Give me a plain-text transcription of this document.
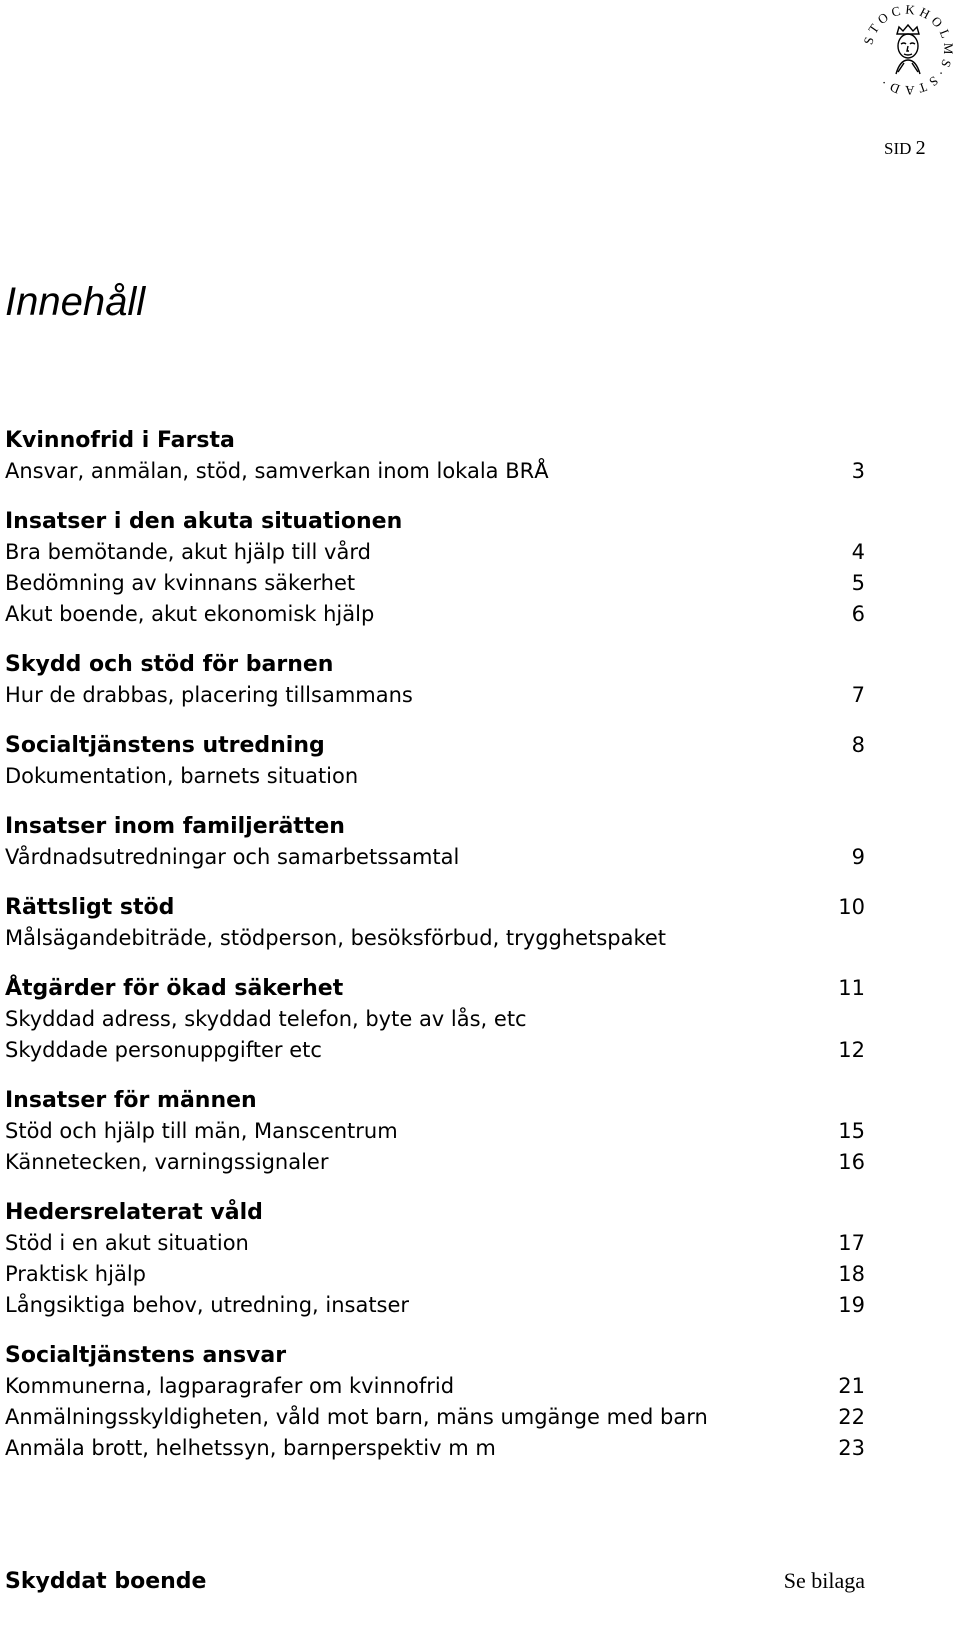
STOCKHOLMS·STAD·
SID 2
Innehåll
Kvinnofrid i Farsta
Ansvar, anmälan, stöd, samverkan inom lokala BRÅ	3
Insatser i den akuta situationen
Bra bemötande, akut hjälp till vård	4
Bedömning av kvinnans säkerhet	5
Akut boende, akut ekonomisk hjälp	6
Skydd och stöd för barnen
Hur de drabbas, placering tillsammans	7
Socialtjänstens utredning	8
Dokumentation, barnets situation
Insatser inom familjerätten
Vårdnadsutredningar och samarbetssamtal	9
Rättsligt stöd	10
Målsägandebiträde, stödperson, besöksförbud, trygghetspaket
Åtgärder för ökad säkerhet	11
Skyddad adress, skyddad telefon, byte av lås, etc
Skyddade personuppgifter etc	12
Insatser för männen
Stöd och hjälp till män, Manscentrum	15
Kännetecken, varningssignaler	16
Hedersrelaterat våld
Stöd i en akut situation	17
Praktisk hjälp	18
Långsiktiga behov, utredning, insatser	19
Socialtjänstens ansvar
Kommunerna, lagparagrafer om kvinnofrid	21
Anmälningsskyldigheten, våld mot barn, mäns umgänge med barn	22
Anmäla brott, helhetssyn, barnperspektiv m m	23
Skyddat boende	Se bilaga
